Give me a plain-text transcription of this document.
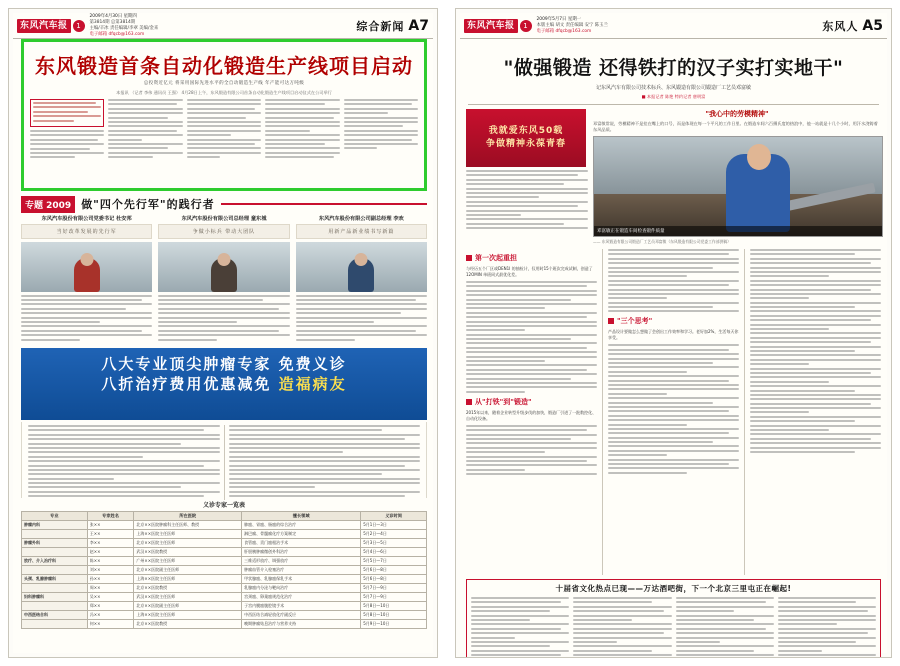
东风汽车报	1
2009年4月30日 星期四
第3814期 总第3814期
主编/辛冰 责任编辑/李翠 美编/金来
电子邮箱 dfqcb@163.com
综合新闻 A7
东风锻造首条自动化锻造生产线项目启动
总投资近亿元 将采用国际先进水平的全自动锻造生产线 年产能可达万吨级
本报讯 （记者 李伟 通讯员 王强） 4月28日上午，东风锻造有限公司首条自动化锻造生产线项目启动仪式在公司举行
专题 2009 做"四个先行军"的践行者
东风汽车股份有限公司党委书记 杜安邦
当好改革发展的先行军
东风汽车股份有限公司总经理 童东城
争做小标兵 带动大团队
东风汽车股份有限公司副总经理 李欢
用新产品新业绩书写新篇
八大专业顶尖肿瘤专家 免费义诊
八折治疗费用优惠减免 造福病友
义诊专家一览表
专业	专家姓名	所在医院	擅长领域	义诊时间
肿瘤内科	张××	北京××医院肿瘤科主任医师、教授	肺癌、胃癌、肠癌的综合治疗	5月1日—3日
	王××	上海××医院主任医师	淋巴瘤、骨髓瘤化疗方案制定	5月2日—4日
肿瘤外科	李××	北京××医院主任医师	食管癌、贲门癌根治手术	5月3日—5日
	赵××	武汉××医院教授	肝胆胰肿瘤微创外科治疗	5月4日—6日
放疗、介入治疗科	陈××	广州××医院主任医师	三维适形放疗、调强放疗	5月5日—7日
	刘××	北京××医院副主任医师	肿瘤血管介入栓塞治疗	5月6日—8日
头颈、乳腺肿瘤科	孙××	上海××医院主任医师	甲状腺癌、乳腺癌保乳手术	5月6日—8日
	周××	北京××医院教授	乳腺癌内分泌与靶向治疗	5月7日—9日
妇科肿瘤科	吴××	武汉××医院主任医师	宫颈癌、卵巢癌规范化治疗	5月7日—9日
	郑××	北京××医院副主任医师	子宫内膜癌腹腔镜手术	5月8日—10日
中西医结合科	冯××	上海××医院主任医师	中西医结合减轻放化疗副反应	5月8日—10日
	何××	北京××医院教授	晚期肿瘤姑息治疗与营养支持	5月9日—10日
东风汽车报	1
2009年5月7日 星期一
本版主编 胡文 责任编辑 安宁 陈玉兰
电子邮箱 dfqcb@163.com	东风人 A5
"做强锻造 还得铁打的汉子实打实地干"
记东风汽车有限公司技术标兵、东风锻造有限公司锻造厂工艺员邓富敏
■ 本报记者 陈艳 特约记者 唐明富
我就爱东风50载
争做精神永葆青春
"我心中的劳模精神"
邓富敏常说，劳模精神不是挂在嘴上的口号，而是体现在每一个平凡的工作日里。在锻造车间六百摄氏度的热浪中，他一站就是十几个小时，用汗水浇铸着东风品质。
邓富敏正在锻造车间检查锻件质量
—— 东风锻造有限公司锻造厂工艺员邓富敏（东风锻造有限公司党委工作部供稿）
第一次起重担
与经历五个厂区或DEN1I 的抽检计，仅用时15个班次完成试制，创造了12OMIN 单班同式最优化差。
从"打铁"到"锻造"
2015年以来，随着企业转型升级步伐的加快，锻造厂引进了一批数控化、自动化设备。
"三个思考"
产品设计要做怎么想做了会创出工作效率和学习。老好加2%，生活每天你享受。
十届省文化热点已现——万达酒吧街，下一个北京三里屯正在崛起!
